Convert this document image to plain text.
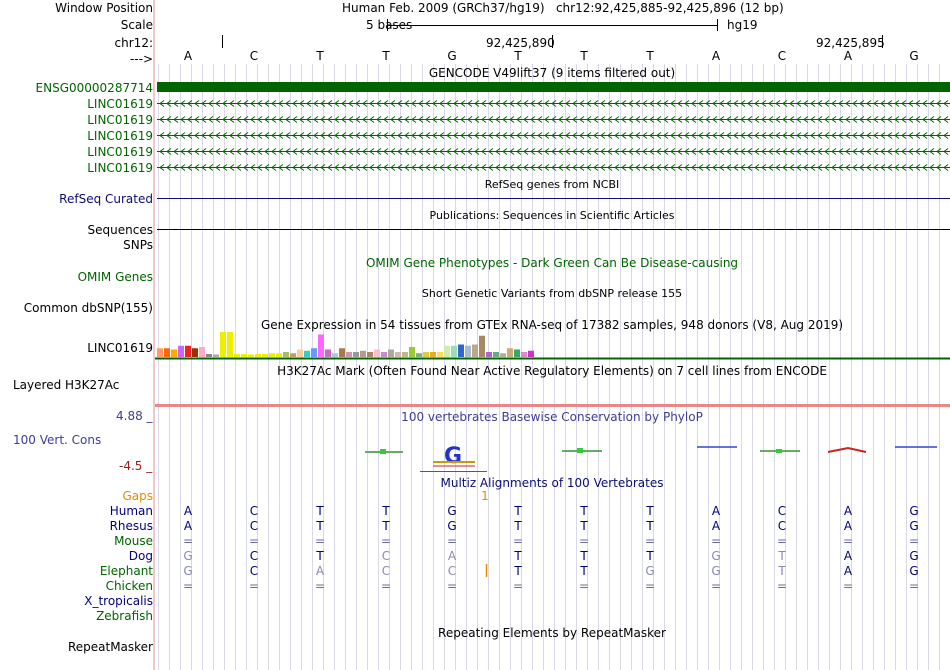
G
Window Position
Scale
chr12:
--->
Human Feb. 2009 (GRCh37/hg19)   chr12:92,425,885-92,425,896 (12 bp)
5 bases	hg19
92,425,890	92,425,895
A	C	T	T	G	T	T	T	A	C	A	G
GENCODE V49lift37 (9 items filtered out)
ENSG00000287714
LINC01619
LINC01619
LINC01619
LINC01619
LINC01619
RefSeq genes from NCBI
RefSeq Curated
Publications: Sequences in Scientific Articles
Sequences
SNPs
OMIM Gene Phenotypes - Dark Green Can Be Disease-causing
OMIM Genes
Short Genetic Variants from dbSNP release 155
Common dbSNP(155)
Gene Expression in 54 tissues from GTEx RNA-seq of 17382 samples, 948 donors (V8, Aug 2019)
LINC01619
H3K27Ac Mark (Often Found Near Active Regulatory Elements) on 7 cell lines from ENCODE
Layered H3K27Ac
100 vertebrates Basewise Conservation by PhyloP
4.88 _
100 Vert. Cons
-4.5 _
Multiz Alignments of 100 Vertebrates
Gaps	1
Human	A	C	T	T	G	T	T	T	A	C	A	G
Rhesus	A	C	T	T	G	T	T	T	A	C	A	G
Mouse =	=	=	=	=	=	=	=	=	=	=	=
Dog	G	C	T	C	A	T	T	T	G	T	A	G
Elephant	G	C	A	C	C	T	T	G	G	T	A	G
Chicken =	=	=	=	=	=	=	=	=	=	=	=
X_tropicalis
Zebrafish
Repeating Elements by RepeatMasker
RepeatMasker
